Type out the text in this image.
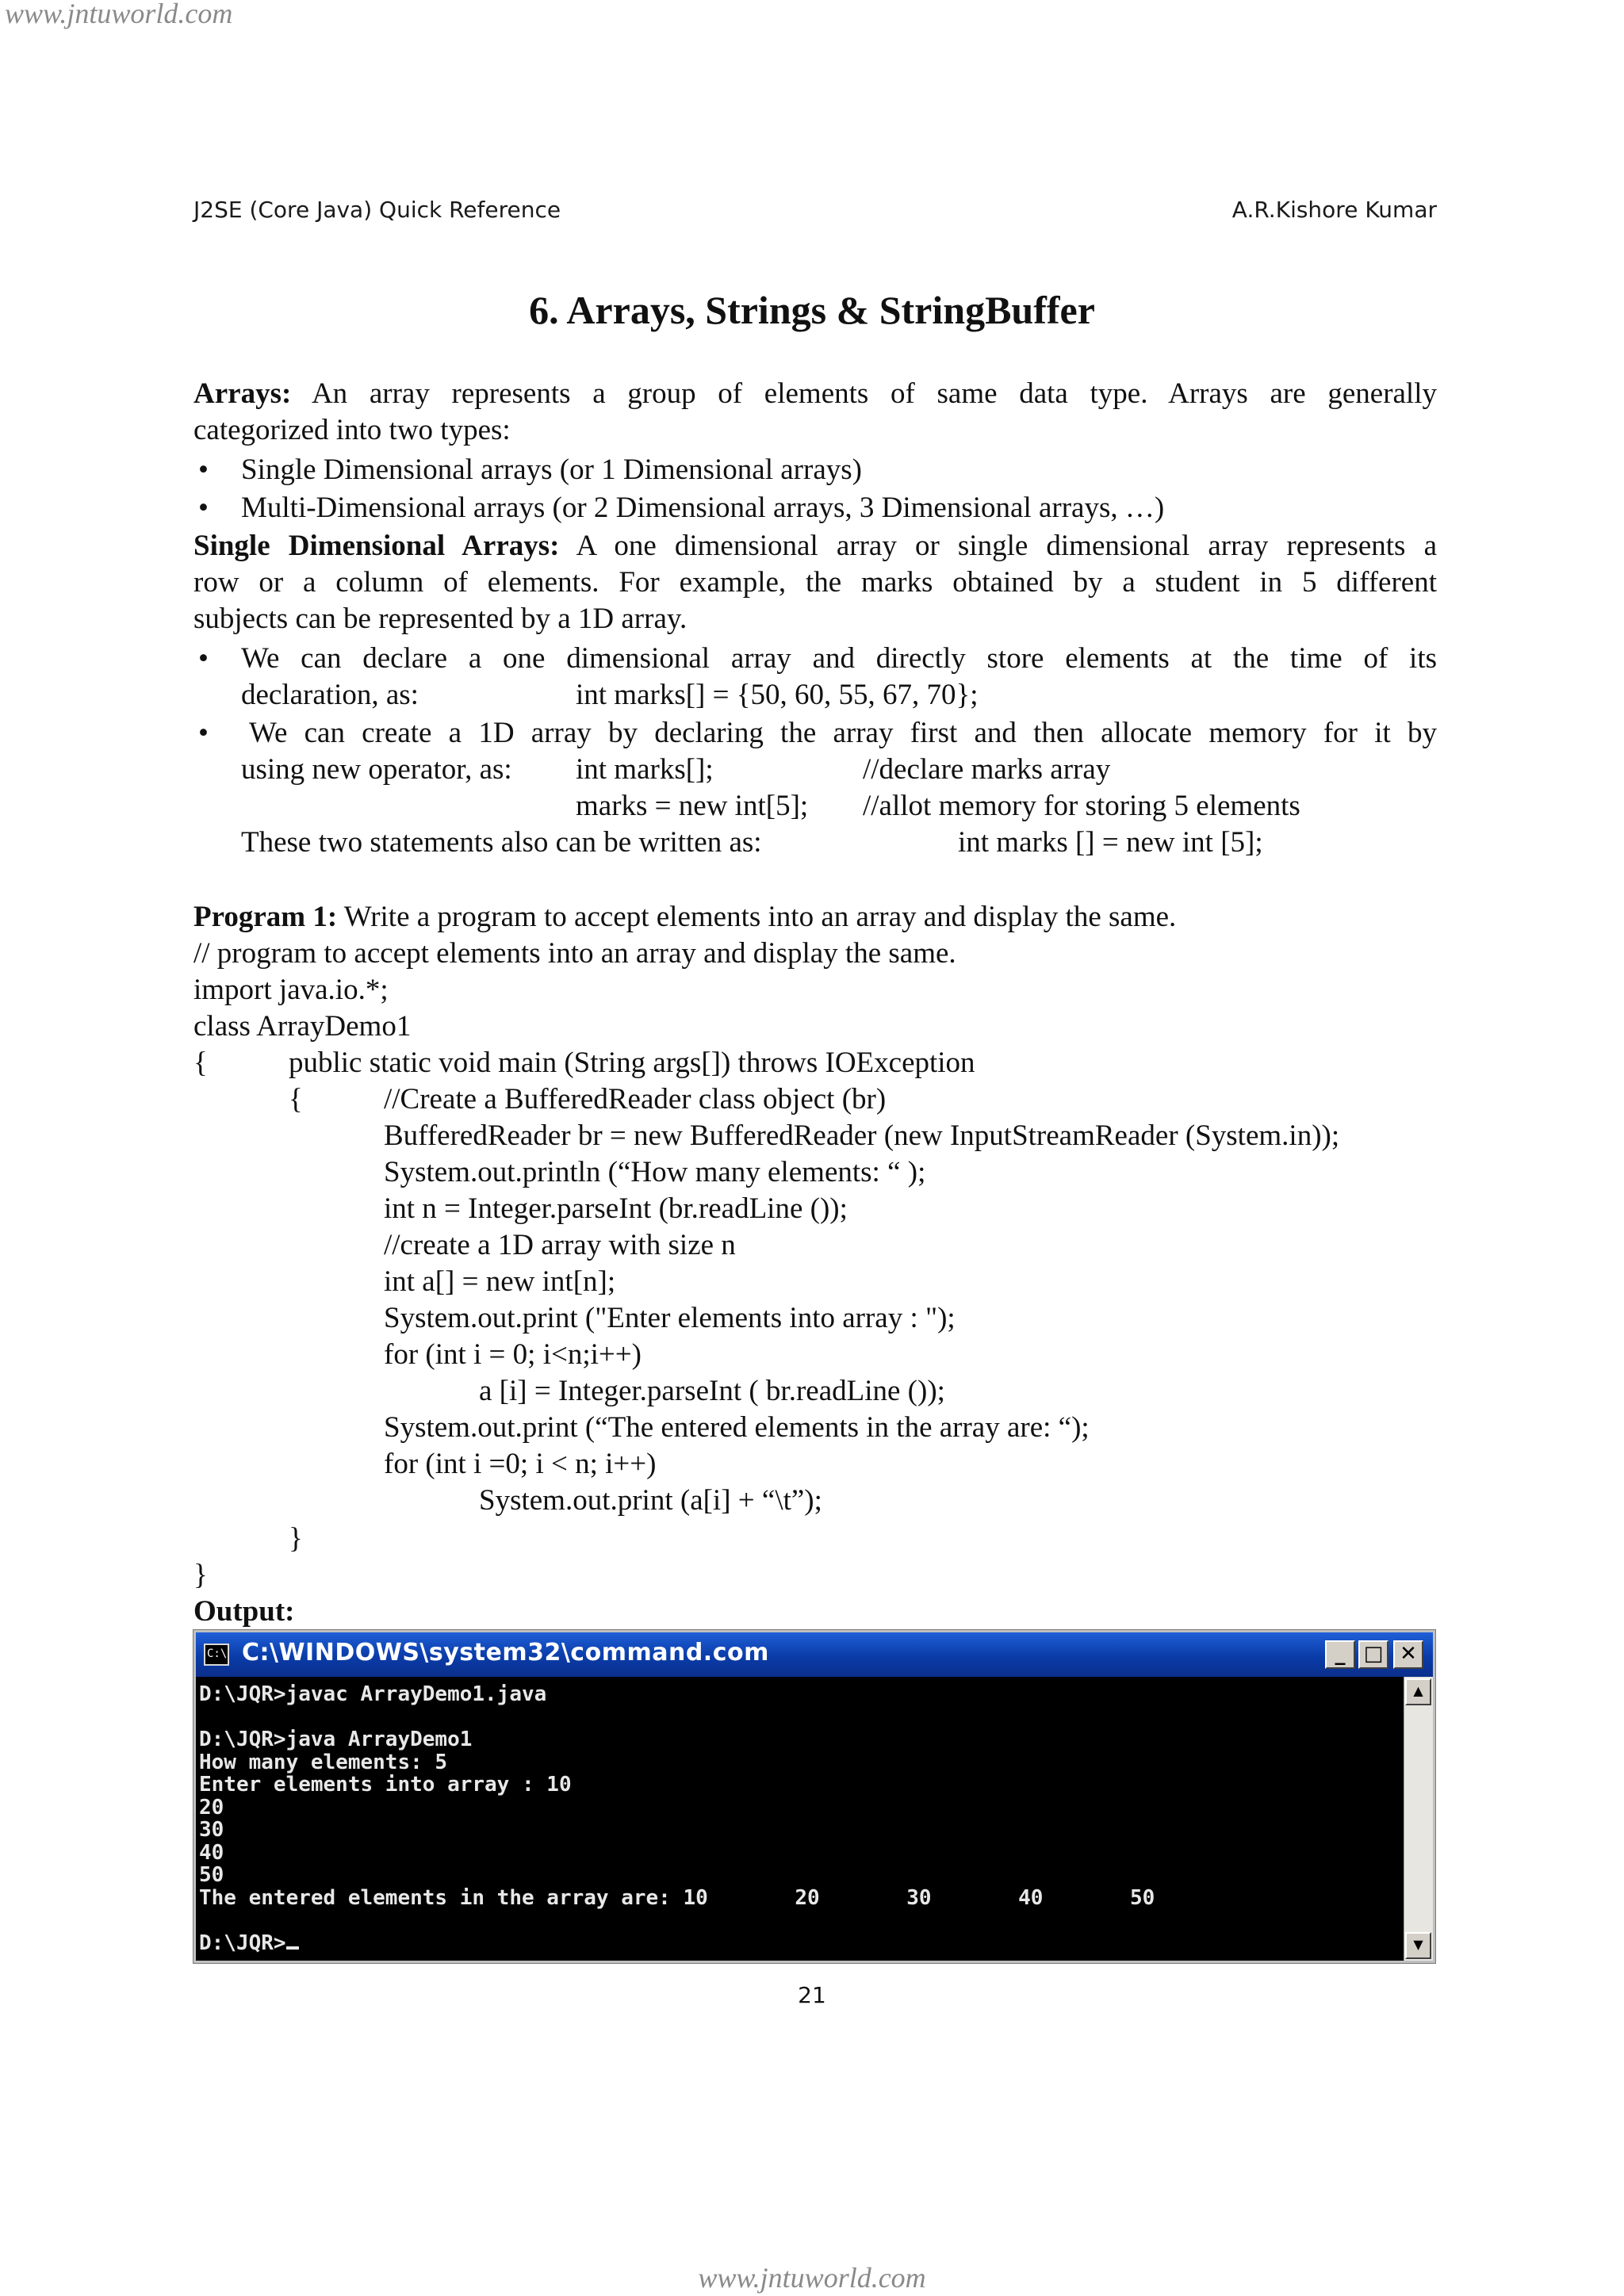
www.jntuworld.com
www.jntuworld.com
J2SE (Core Java) Quick Reference	A.R.Kishore Kumar
6. Arrays, Strings & StringBuffer
Arrays: An array represents a group of elements of same data type. Arrays are generally
categorized into two types:
• Single Dimensional arrays (or 1 Dimensional arrays)
• Multi-Dimensional arrays (or 2 Dimensional arrays, 3 Dimensional arrays, …)
Single Dimensional Arrays: A one dimensional array or single dimensional array represents a
row or a column of elements. For example, the marks obtained by a student in 5 different
subjects can be represented by a 1D array.
• We can declare a one dimensional array and directly store elements at the time of its
declaration, as:	int marks[] = {50, 60, 55, 67, 70};
• We can create a 1D array by declaring the array first and then allocate memory for it by
using new operator, as:	int marks[];	//declare marks array
marks = new int[5];	//allot memory for storing 5 elements
These two statements also can be written as:	int marks [] = new int [5];
Program 1: Write a program to accept elements into an array and display the same.
// program to accept elements into an array and display the same.
import java.io.*;
class ArrayDemo1
{	public static void main (String args[]) throws IOException
{	//Create a BufferedReader class object (br)
BufferedReader br = new BufferedReader (new InputStreamReader (System.in));
System.out.println (“How many elements: “ );
int n = Integer.parseInt (br.readLine ());
//create a 1D array with size n
int a[] = new int[n];
System.out.print ("Enter elements into array : ");
for (int i = 0; i<n;i++)
a [i] = Integer.parseInt ( br.readLine ());
System.out.print (“The entered elements in the array are: “);
for (int i =0; i < n; i++)
System.out.print (a[i] + “\t”);
}
}
Output:
C:\ C:\WINDOWS\system32\command.com	_ □ ✕
D:\JQR>javac ArrayDemo1.java

D:\JQR>java ArrayDemo1
How many elements: 5
Enter elements into array : 10
20
30
40
50
The entered elements in the array are: 10       20       30       40       50

D:\JQR>
▲
▼
21
